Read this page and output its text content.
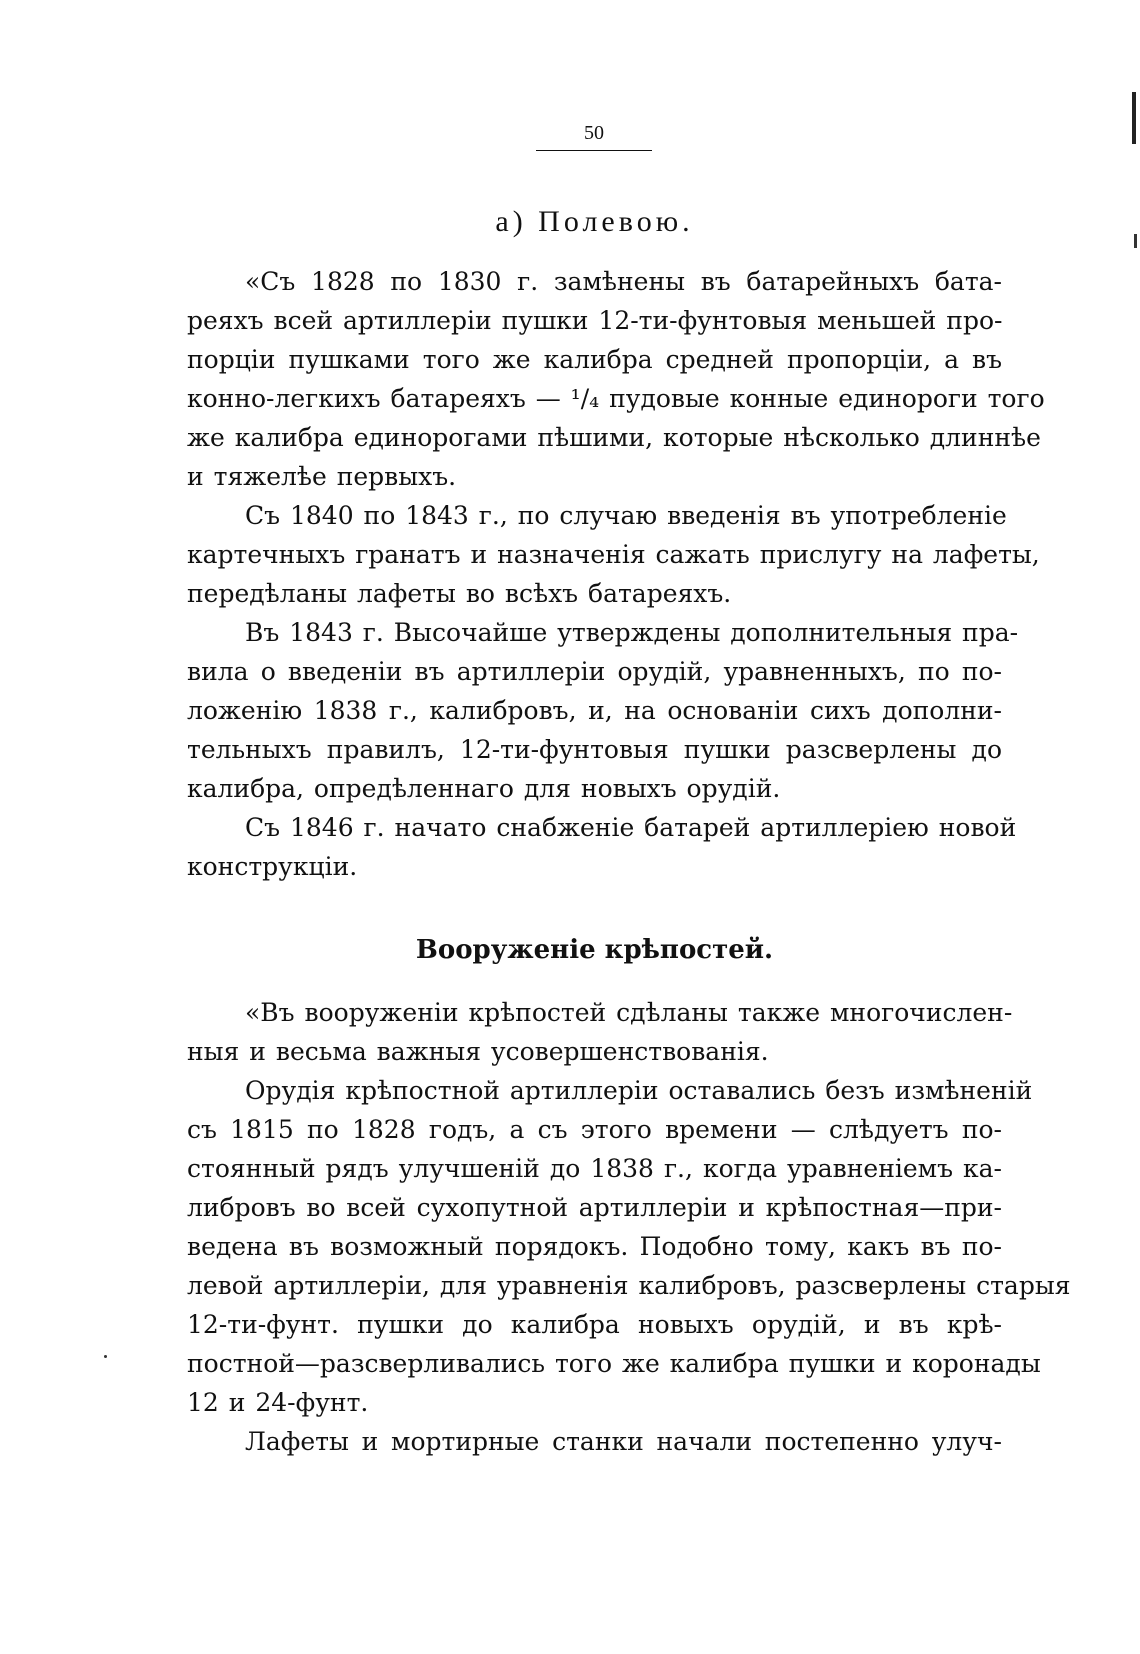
50
а) Полевою.
«Съ 1828 по 1830 г. замѣнены въ батарейныхъ бата-
реяхъ всей артиллеріи пушки 12-ти-фунтовыя меньшей про-
порціи пушками того же калибра средней пропорціи, а въ
конно-легкихъ батареяхъ — ¹/₄ пудовые конные единороги того
же калибра единорогами пѣшими, которые нѣсколько длиннѣе
и тяжелѣе первыхъ.
Съ 1840 по 1843 г., по случаю введенія въ употребленіе
картечныхъ гранатъ и назначенія сажать прислугу на лафеты,
передѣланы лафеты во всѣхъ батареяхъ.
Въ 1843 г. Высочайше утверждены дополнительныя пра-
вила о введеніи въ артиллеріи орудій, уравненныхъ, по по-
ложенію 1838 г., калибровъ, и, на основаніи сихъ дополни-
тельныхъ правилъ, 12-ти-фунтовыя пушки разсверлены до
калибра, опредѣленнаго для новыхъ орудій.
Съ 1846 г. начато снабженіе батарей артиллеріею новой
конструкціи.
Вооруженіе крѣпостей.
«Въ вооруженіи крѣпостей сдѣланы также многочислен-
ныя и весьма важныя усовершенствованія.
Орудія крѣпостной артиллеріи оставались безъ измѣненій
съ 1815 по 1828 годъ, а съ этого времени — слѣдуетъ по-
стоянный рядъ улучшеній до 1838 г., когда уравненіемъ ка-
либровъ во всей сухопутной артиллеріи и крѣпостная—при-
ведена въ возможный порядокъ. Подобно тому, какъ въ по-
левой артиллеріи, для уравненія калибровъ, разсверлены старыя
12-ти-фунт. пушки до калибра новыхъ орудій, и въ крѣ-
постной—разсверливались того же калибра пушки и коронады
12 и 24-фунт.
Лафеты и мортирные станки начали постепенно улуч-
